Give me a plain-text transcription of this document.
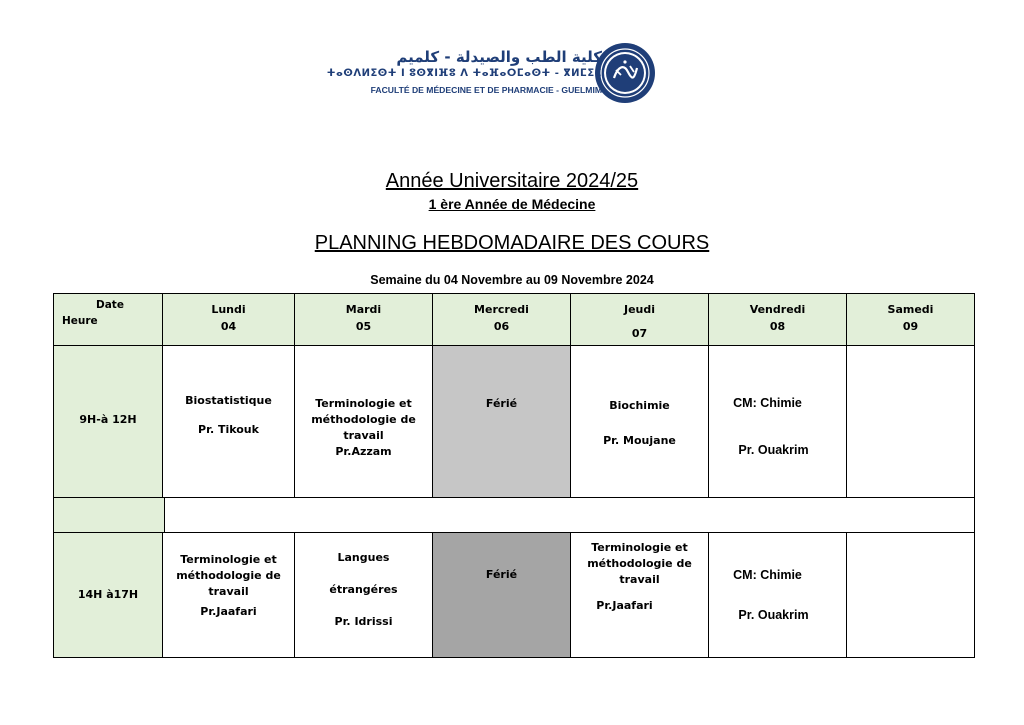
كلية الطب والصيدلة - كلميم
ⵜⴰⵙⴷⵍⵉⵙⵜ ⵏ ⵓⵙⴳⵏⴼⵓ ⴷ ⵜⴰⴼⴰⵔⵎⴰⵙⵜ - ⴳⵍⵎⵉⵎ
FACULTÉ DE MÉDECINE ET DE PHARMACIE - GUELMIM
Année Universitaire 2024/25
1 ère Année de Médecine
PLANNING HEBDOMADAIRE DES COURS
Semaine du 04 Novembre au 09 Novembre 2024
Date
Heure
Lundi
04
Mardi
05
Mercredi
06
Jeudi
07
Vendredi
08
Samedi
09
9H-à 12H
Biostatistique
Pr. Tikouk
Terminologie et
méthodologie de
travail
Pr.Azzam
Férié	Biochimie
Pr. Moujane
CM: Chimie
Pr. Ouakrim
14H à17H
Terminologie et
méthodologie de
travail
Pr.Jaafari
Langues
étrangéres
Pr. Idrissi
Férié
Terminologie et
méthodologie de
travail
Pr.Jaafari
CM: Chimie
Pr. Ouakrim
